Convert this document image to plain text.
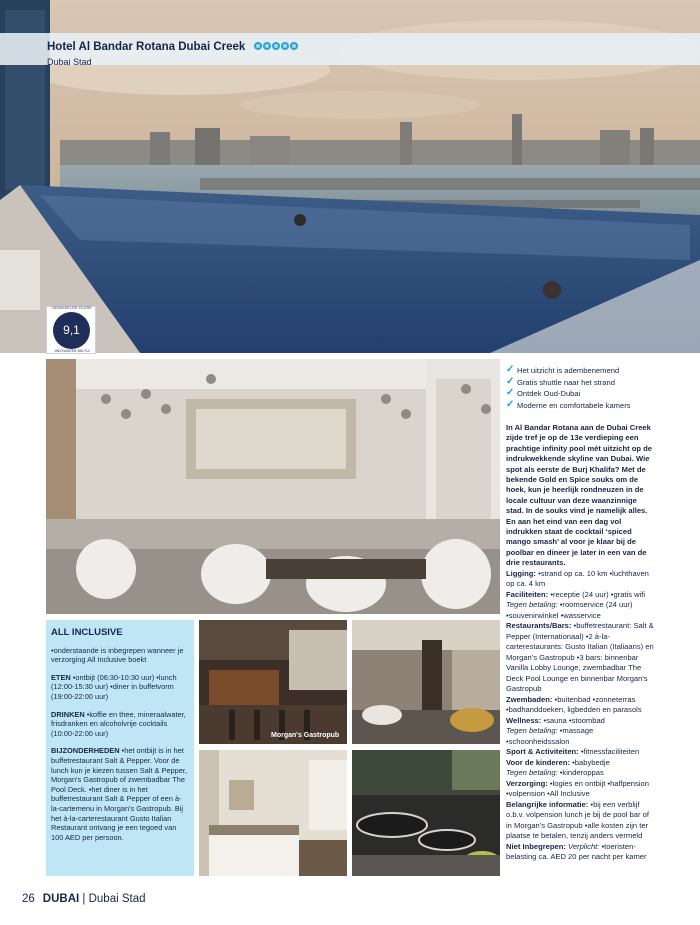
Hotel Al Bandar Rotana Dubai Creek
Dubai Stad
GEMIDDELDE SCORE
9,1
VAN KLANTEN VAN TUI
✓ Het uitzicht is adembenemend
✓ Gratis shuttle naar het strand
✓ Ontdek Oud-Dubai
✓ Moderne en comfortabele kamers
In Al Bandar Rotana aan de Dubai Creek zijde tref je op de 13e verdieping een prachtige infinity pool mét uitzicht op de indrukwekkende skyline van Dubai. Wie spot als eerste de Burj Khalifa? Met de bekende Gold en Spice souks om de hoek, kun je heerlijk rondneuzen in de locale cultuur van deze waanzinnige stad. In de souks vind je namelijk alles. En aan het eind van een dag vol indrukken staat de cocktail ‘spiced mango smash’ al voor je klaar bij de poolbar en dineer je later in een van de drie restaurants.
Ligging: •strand op ca. 10 km •luchthaven op ca. 4 km
Faciliteiten: •receptie (24 uur) •gratis wifi
Tegen betaling: •roomservice (24 uur) •souvenirwinkel •wasservice
Restaurants/Bars: •buffetrestaurant: Salt & Pepper (Internationaal) •2 à-la-carterestaurants: Gusto Italian (Italiaans) en Morgan's Gastropub •3 bars: binnenbar Vanilla Lobby Lounge, zwembadbar The Deck Pool Lounge en binnenbar Morgan's Gastropub
Zwembaden: •buitenbad •zonneterras •badhanddoeken, ligbedden en parasols
Wellness: •sauna •stoombad
Tegen betaling: •massage •schoonheidssalon
Sport & Activiteiten: •fitnessfaciliteiten
Voor de kinderen: •babybedje
Tegen betaling: •kinderoppas
Verzorging: •logies en ontbijt •halfpension •volpension •All Inclusive
Belangrijke informatie: •bij een verblijf o.b.v. volpension lunch je bij de pool bar of in Morgan's Gastropub •alle kosten zijn ter plaatse te betalen, tenzij anders vermeld
Niet Inbegrepen: Verplicht: •toeristen-belasting ca. AED 20 per nacht per kamer
ALL INCLUSIVE
•onderstaande is inbegrepen wanneer je verzorging All Inclusive boekt
ETEN •ontbijt (06:30-10:30 uur) •lunch (12:00-15:30 uur) •diner in buffetvorm (19:00-22:00 uur)
DRINKEN •koffie en thee, mineraalwater, frisdranken en alcoholvrije cocktails (10:00-22:00 uur)
BIJZONDERHEDEN •het ontbijt is in het buffetrestaurant Salt & Pepper. Voor de lunch kun je kiezen tussen Salt & Pepper, Morgan's Gastropub of zwembadbar The Pool Deck. •het diner is in het buffetrestaurant Salt & Pepper of een à-la-cartemenu in Morgan's Gastropub. Bij het à-la-carterestaurant Gusto Italian Restaurant ontvang je een tegoed van 100 AED per persoon.
Morgan's Gastropub
26 DUBAI | Dubai Stad
